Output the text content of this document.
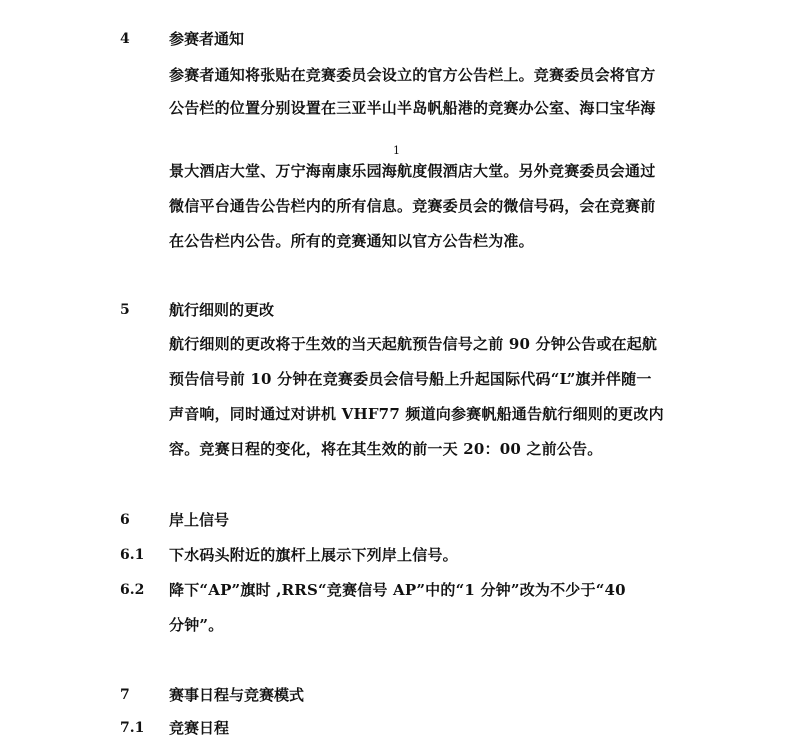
4	参赛者通知
参赛者通知将张贴在竞赛委员会设立的官方公告栏上。竞赛委员会将官方
公告栏的位置分别设置在三亚半山半岛帆船港的竞赛办公室、海口宝华海
1
景大酒店大堂、万宁海南康乐园海航度假酒店大堂。另外竞赛委员会通过
微信平台通告公告栏内的所有信息。竞赛委员会的微信号码，会在竞赛前
在公告栏内公告。所有的竞赛通知以官方公告栏为准。
5	航行细则的更改
航行细则的更改将于生效的当天起航预告信号之前 90 分钟公告或在起航
预告信号前 10 分钟在竞赛委员会信号船上升起国际代码“L”旗并伴随一
声音响，同时通过对讲机 VHF77 频道向参赛帆船通告航行细则的更改内
容。竞赛日程的变化，将在其生效的前一天 20：00 之前公告。
6	岸上信号
6.1 下水码头附近的旗杆上展示下列岸上信号。
6.2 降下“AP”旗时 ,RRS“竞赛信号 AP”中的“1 分钟”改为不少于“40
分钟”。
7	赛事日程与竞赛模式
7.1 竞赛日程
